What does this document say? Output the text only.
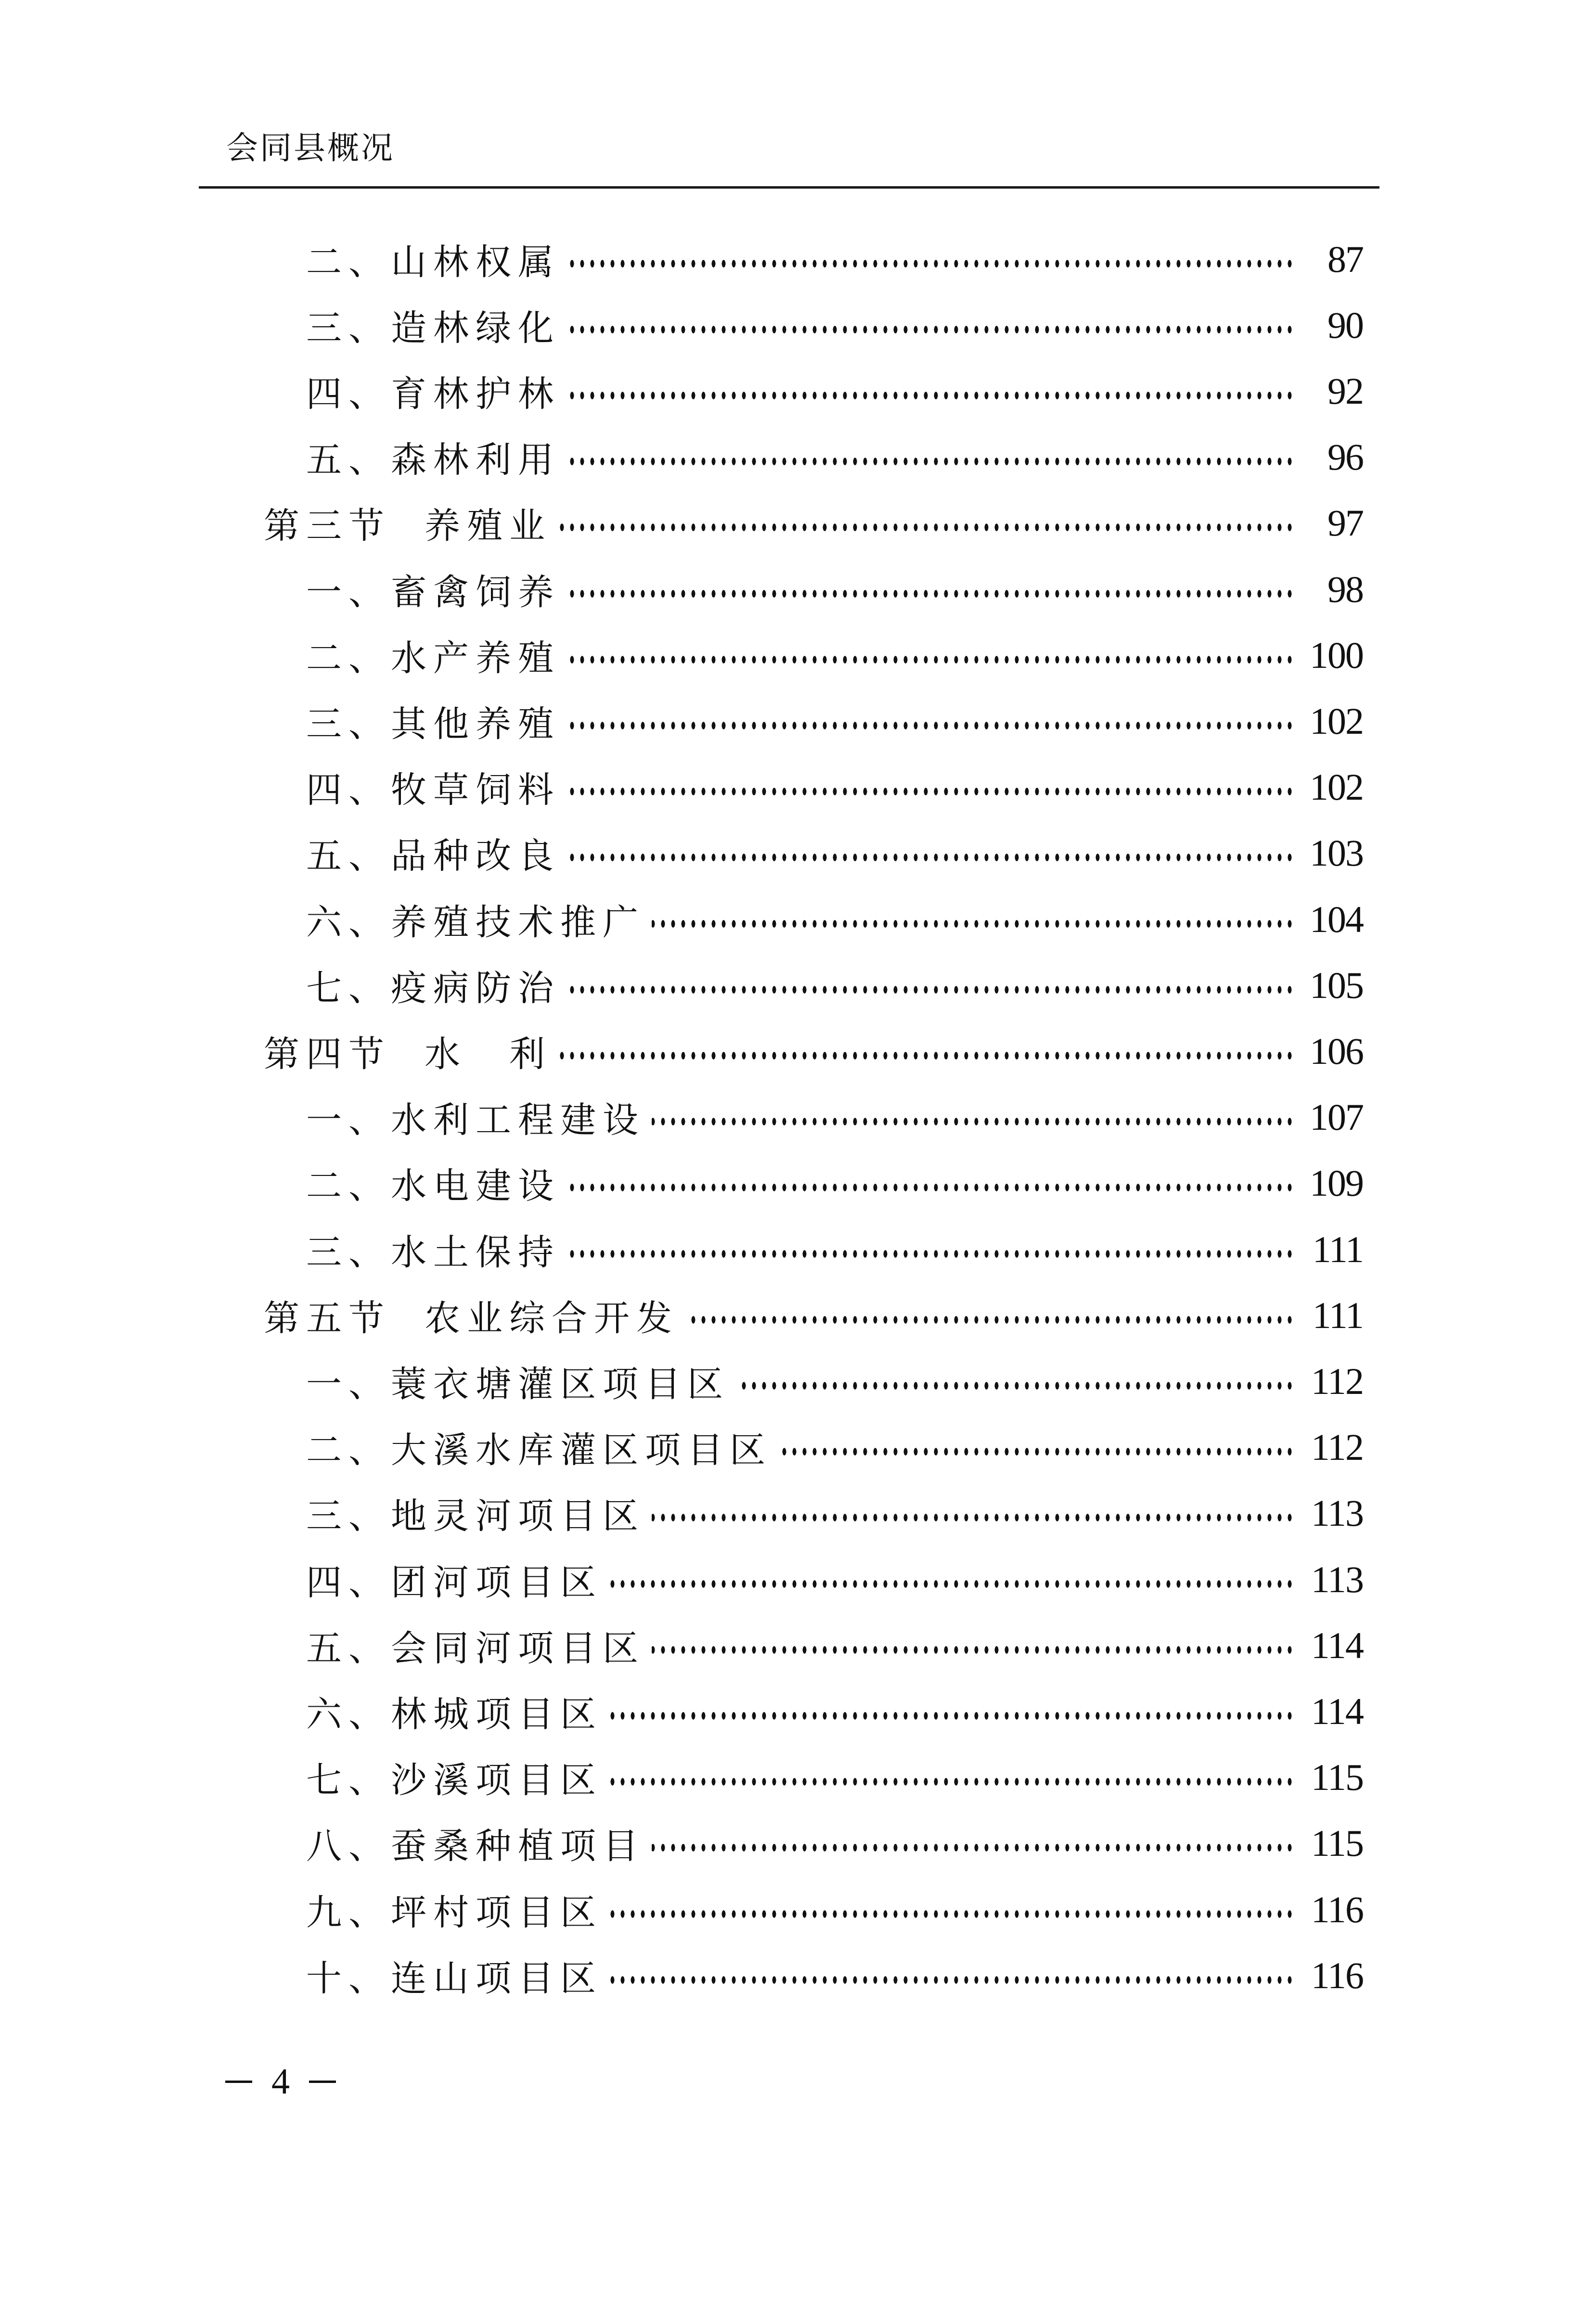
会同县概况
二、山林权属	87
三、造林绿化	90
四、育林护林	92
五、森林利用	96
第三节 养殖业	97
一、畜禽饲养	98
二、水产养殖	100
三、其他养殖	102
四、牧草饲料	102
五、品种改良	103
六、养殖技术推广	104
七、疫病防治	105
第四节 水　利	106
一、水利工程建设	107
二、水电建设	109
三、水土保持	111
第五节 农业综合开发	111
一、蓑衣塘灌区项目区	112
二、大溪水库灌区项目区	112
三、地灵河项目区	113
四、团河项目区	113
五、会同河项目区	114
六、林城项目区	114
七、沙溪项目区	115
八、蚕桑种植项目	115
九、坪村项目区	116
十、连山项目区	116
4
